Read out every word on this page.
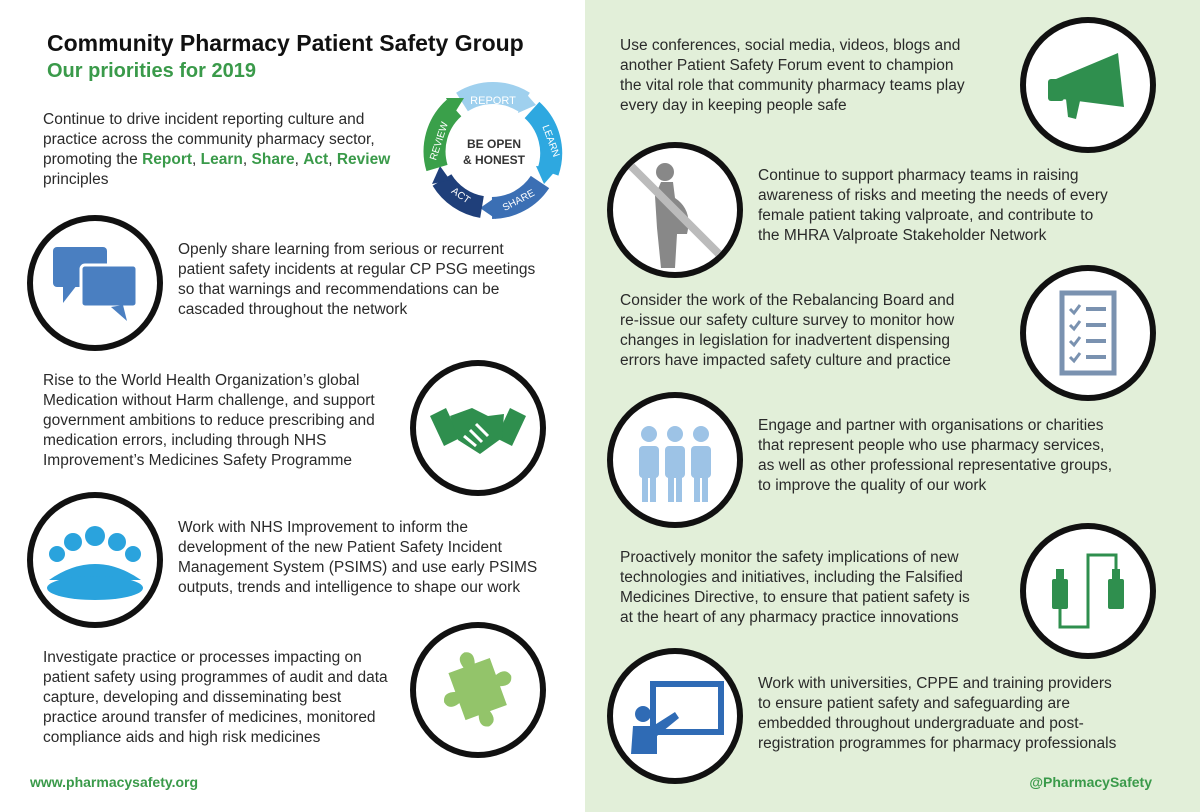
Community Pharmacy Patient Safety Group
Our priorities for 2019
Continue to drive incident reporting culture and
practice across the community pharmacy sector,
promoting the Report, Learn, Share, Act, Review
principles
REPORT
LEARN
SHARE
ACT
REVIEW BE OPEN
& HONEST
Openly share learning from serious or recurrent
patient safety incidents at regular CP PSG meetings
so that warnings and recommendations can be
cascaded throughout the network
Rise to the World Health Organization’s global
Medication without Harm challenge, and support
government ambitions to reduce prescribing and
medication errors, including through NHS
Improvement’s Medicines Safety Programme
Work with NHS Improvement to inform the
development of the new Patient Safety Incident
Management System (PSIMS) and use early PSIMS
outputs, trends and intelligence to shape our work
Investigate practice or processes impacting on
patient safety using programmes of audit and data
capture, developing and disseminating best
practice around transfer of medicines, monitored
compliance aids and high risk medicines
Use conferences, social media, videos, blogs and
another Patient Safety Forum event to champion
the vital role that community pharmacy teams play
every day in keeping people safe
Continue to support pharmacy teams in raising
awareness of risks and meeting the needs of every
female patient taking valproate, and contribute to
the MHRA Valproate Stakeholder Network
Consider the work of the Rebalancing Board and
re-issue our safety culture survey to monitor how
changes in legislation for inadvertent dispensing
errors have impacted safety culture and practice
Engage and partner with organisations or charities
that represent people who use pharmacy services,
as well as other professional representative groups,
to improve the quality of our work
Proactively monitor the safety implications of new
technologies and initiatives, including the Falsified
Medicines Directive, to ensure that patient safety is
at the heart of any pharmacy practice innovations
Work with universities, CPPE and training providers
to ensure patient safety and safeguarding are
embedded throughout undergraduate and post-
registration programmes for pharmacy professionals
www.pharmacysafety.org	@PharmacySafety
